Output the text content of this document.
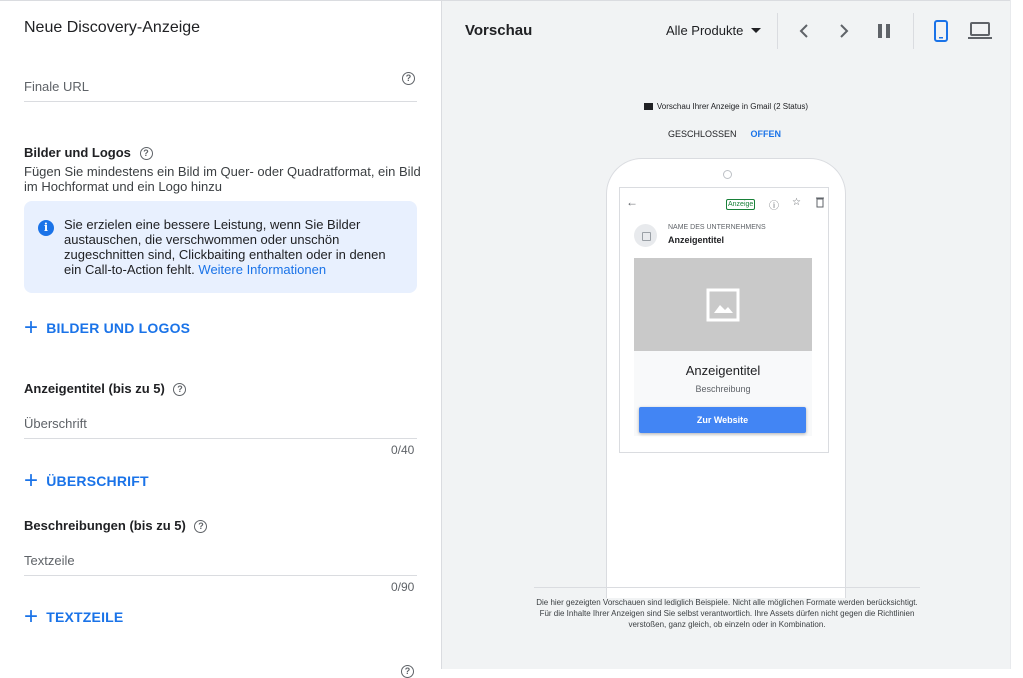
Neue Discovery-Anzeige
Finale URL
?
Bilder und Logos ?
Fügen Sie mindestens ein Bild im Quer- oder Quadratformat, ein Bild im Hochformat und ein Logo hinzu
i	Sie erzielen eine bessere Leistung, wenn Sie Bilder austauschen, die verschwommen oder unschön zugeschnitten sind, Clickbaiting enthalten oder in denen ein Call-to-Action fehlt. Weitere Informationen
+ BILDER UND LOGOS
Anzeigentitel (bis zu 5) ?
Überschrift
0/40
+ ÜBERSCHRIFT
Beschreibungen (bis zu 5) ?
Textzeile
0/90
+ TEXTZEILE
?
Vorschau	Alle Produkte
Vorschau Ihrer Anzeige in Gmail (2 Status)
GESCHLOSSEN OFFEN
←	Anzeige ⓘ ☆
NAME DES UNTERNEHMENS
Anzeigentitel
Anzeigentitel
Beschreibung
Zur Website
Die hier gezeigten Vorschauen sind lediglich Beispiele. Nicht alle möglichen Formate werden berücksichtigt. Für die Inhalte Ihrer Anzeigen sind Sie selbst verantwortlich. Ihre Assets dürfen nicht gegen die Richtlinien verstoßen, ganz gleich, ob einzeln oder in Kombination.
